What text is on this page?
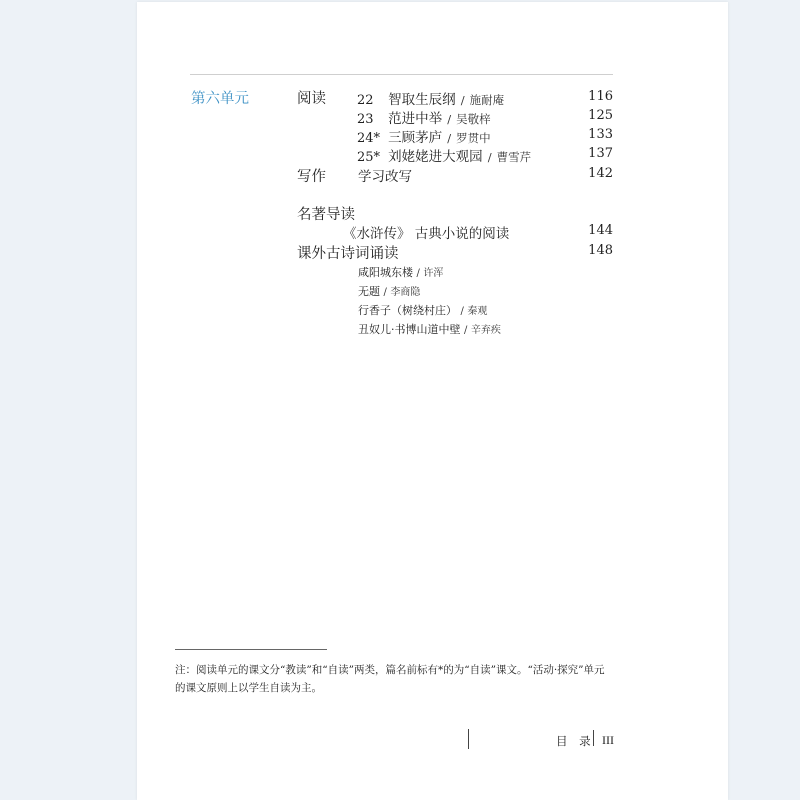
第六单元	阅读 22 智取生辰纲 / 施耐庵	116
23 范进中举 / 吴敬梓	125
24* 三顾茅庐 / 罗贯中	133
25* 刘姥姥进大观园 / 曹雪芹	137
写作 学习改写	142
名著导读
《水浒传》 古典小说的阅读	144
课外古诗词诵读	148
咸阳城东楼 / 许浑
无题 / 李商隐
行香子（树绕村庄） / 秦观
丑奴儿·书博山道中壁 / 辛弃疾
注：阅读单元的课文分“教读”和“自读”两类，篇名前标有*的为“自读”课文。“活动·探究”单元
的课文原则上以学生自读为主。
目 录 III
